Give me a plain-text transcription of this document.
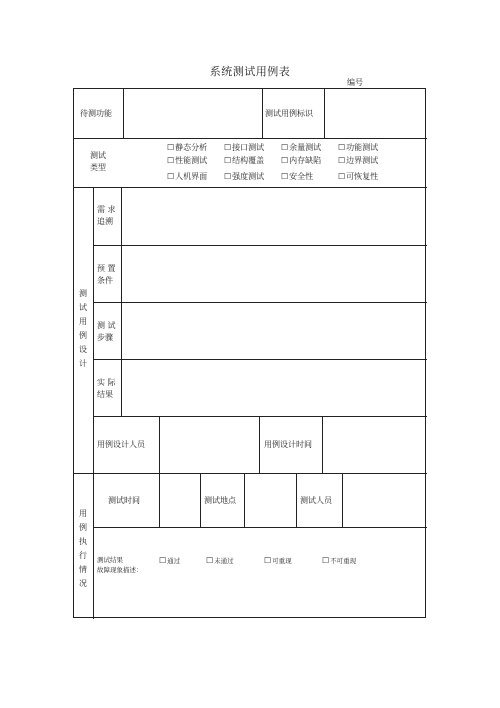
系统测试用例表
编号
待测功能	测试用例标识
测试
类型
☐静态分析 ☐接口测试 ☐余量测试 ☐功能测试
☐性能测试 ☐结构覆盖 ☐内存缺陷 ☐边界测试
☐人机界面 ☐强度测试 ☐安全性	☐可恢复性
测试用例设计
需 求
追溯
预 置
条件
测 试
步骤
实 际
结果
用例设计人员	用例设计时间
用例执行情况
测试时间	测试地点	测试人员
测试结果	☐通过	☐未通过	☐可重现	☐不可重现
故障现象描述：
